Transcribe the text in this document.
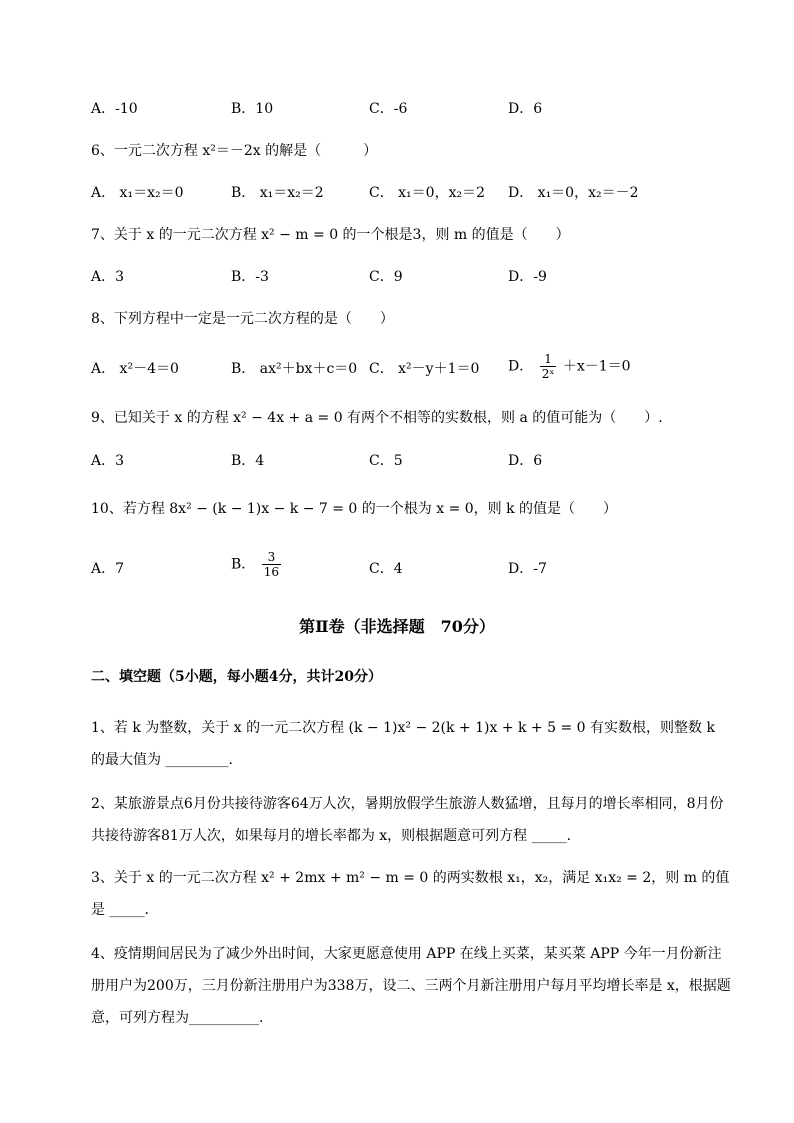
A．-10	B．10	C．-6	D．6
6、一元二次方程 x²＝－2x 的解是（　　　）
A． x₁＝x₂＝0	B． x₁＝x₂＝2	C． x₁＝0，x₂＝2 D． x₁＝0，x₂＝－2
7、关于 x 的一元二次方程 x² − m = 0 的一个根是3，则 m 的值是（　　）
A．3	B．-3	C．9	D．-9
8、下列方程中一定是一元二次方程的是（　　）
A． x²－4＝0	B． ax²＋bx＋c＝0 C． x²－y＋1＝0 D． $\frac{1}{\text{2ˣ}} +x-1=0$
9、已知关于 x 的方程 x² − 4x + a = 0 有两个不相等的实数根，则 a 的值可能为（　　）.
A．3	B．4	C．5	D．6
10、若方程 8x² − (k − 1)x − k − 7 = 0 的一个根为 x = 0，则 k 的值是（　　）
A．7	B． $\frac{3}{16}$	C．4	D．-7
第Ⅱ卷（非选择题　70分）
二、填空题（5小题，每小题4分，共计20分）
1、若 k 为整数，关于 x 的一元二次方程 (k − 1)x² − 2(k + 1)x + k + 5 = 0 有实数根，则整数 k 的最大值为 _________.
2、某旅游景点6月份共接待游客64万人次，暑期放假学生旅游人数猛增，且每月的增长率相同，8月份共接待游客81万人次，如果每月的增长率都为 x，则根据题意可列方程 _____.
3、关于 x 的一元二次方程 x² + 2mx + m² − m = 0 的两实数根 x₁，x₂，满足 x₁x₂ = 2，则 m 的值是 _____.
4、疫情期间居民为了减少外出时间，大家更愿意使用 APP 在线上买菜，某买菜 APP 今年一月份新注册用户为200万，三月份新注册用户为338万，设二、三两个月新注册用户每月平均增长率是 x，根据题意，可列方程为__________.
